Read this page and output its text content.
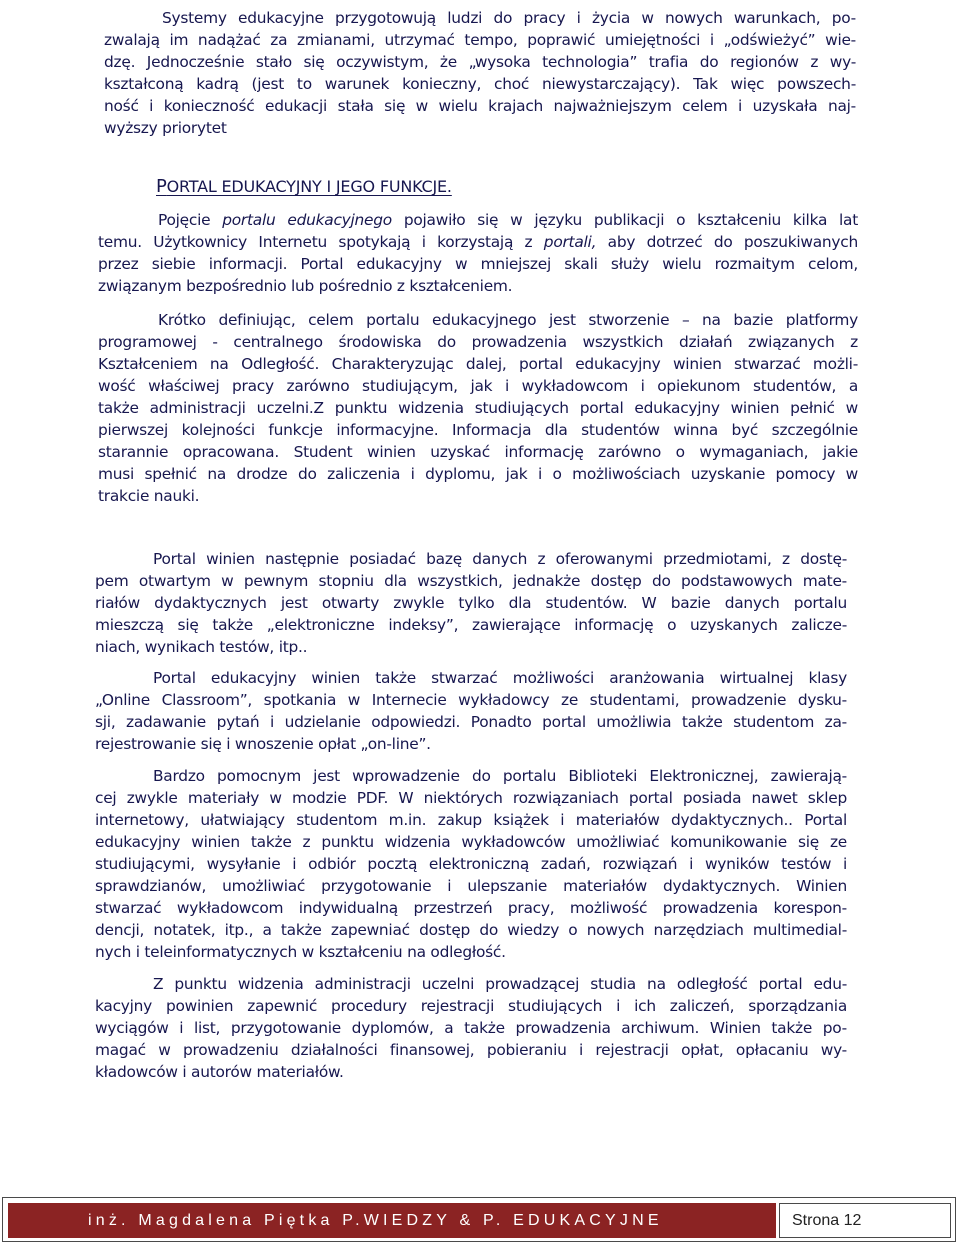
Systemy edukacyjne przygotowują ludzi do pracy i życia w nowych warunkach, po-
zwalają im nadążać za zmianami, utrzymać tempo, poprawić umiejętności i „odświeżyć” wie-
dzę. Jednocześnie stało się oczywistym, że „wysoka technologia” trafia do regionów z wy-
kształconą kadrą (jest to warunek konieczny, choć niewystarczający). Tak więc powszech-
ność i konieczność edukacji stała się w wielu krajach najważniejszym celem i uzyskała naj-
wyższy priorytet
PORTAL EDUKACYJNY I JEGO FUNKCJE.
Pojęcie portalu edukacyjnego pojawiło się w języku publikacji o kształceniu kilka lat
temu. Użytkownicy Internetu spotykają i korzystają z portali, aby dotrzeć do poszukiwanych
przez siebie informacji. Portal edukacyjny w mniejszej skali służy wielu rozmaitym celom,
związanym bezpośrednio lub pośrednio z kształceniem.
Krótko definiując, celem portalu edukacyjnego jest stworzenie – na bazie platformy
programowej - centralnego środowiska do prowadzenia wszystkich działań związanych z
Kształceniem na Odległość. Charakteryzując dalej, portal edukacyjny winien stwarzać możli-
wość właściwej pracy zarówno studiującym, jak i wykładowcom i opiekunom studentów, a
także administracji uczelni.Z punktu widzenia studiujących portal edukacyjny winien pełnić w
pierwszej kolejności funkcje informacyjne. Informacja dla studentów winna być szczególnie
starannie opracowana. Student winien uzyskać informację zarówno o wymaganiach, jakie
musi spełnić na drodze do zaliczenia i dyplomu, jak i o możliwościach uzyskanie pomocy w
trakcie nauki.
Portal winien następnie posiadać bazę danych z oferowanymi przedmiotami, z dostę-
pem otwartym w pewnym stopniu dla wszystkich, jednakże dostęp do podstawowych mate-
riałów dydaktycznych jest otwarty zwykle tylko dla studentów. W bazie danych portalu
mieszczą się także „elektroniczne indeksy”, zawierające informację o uzyskanych zalicze-
niach, wynikach testów, itp..
Portal edukacyjny winien także stwarzać możliwości aranżowania wirtualnej klasy
„Online Classroom”, spotkania w Internecie wykładowcy ze studentami, prowadzenie dysku-
sji, zadawanie pytań i udzielanie odpowiedzi. Ponadto portal umożliwia także studentom za-
rejestrowanie się i wnoszenie opłat „on-line”.
Bardzo pomocnym jest wprowadzenie do portalu Biblioteki Elektronicznej, zawierają-
cej zwykle materiały w modzie PDF. W niektórych rozwiązaniach portal posiada nawet sklep
internetowy, ułatwiający studentom m.in. zakup książek i materiałów dydaktycznych.. Portal
edukacyjny winien także z punktu widzenia wykładowców umożliwiać komunikowanie się ze
studiującymi, wysyłanie i odbiór pocztą elektroniczną zadań, rozwiązań i wyników testów i
sprawdzianów, umożliwiać przygotowanie i ulepszanie materiałów dydaktycznych. Winien
stwarzać wykładowcom indywidualną przestrzeń pracy, możliwość prowadzenia korespon-
dencji, notatek, itp., a także zapewniać dostęp do wiedzy o nowych narzędziach multimedial-
nych i teleinformatycznych w kształceniu na odległość.
Z punktu widzenia administracji uczelni prowadzącej studia na odległość portal edu-
kacyjny powinien zapewnić procedury rejestracji studiujących i ich zaliczeń, sporządzania
wyciągów i list, przygotowanie dyplomów, a także prowadzenia archiwum. Winien także po-
magać w prowadzeniu działalności finansowej, pobieraniu i rejestracji opłat, opłacaniu wy-
kładowców i autorów materiałów.
inż. Magdalena Piętka P.WIEDZY & P. EDUKACYJNE	Strona 12
